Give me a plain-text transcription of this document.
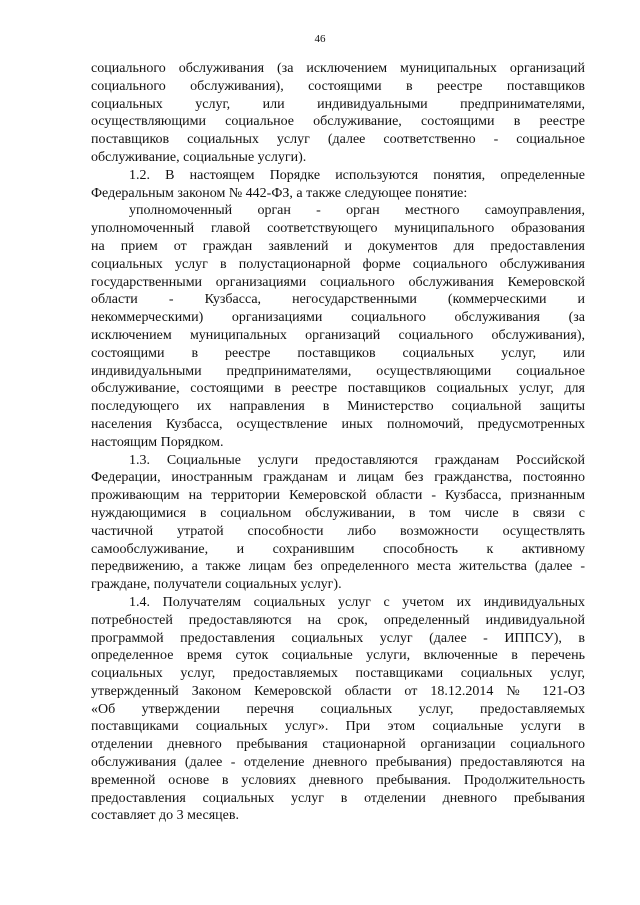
46
социального обслуживания (за исключением муниципальных организаций
социального обслуживания), состоящими в реестре поставщиков
социальных услуг, или индивидуальными предпринимателями,
осуществляющими социальное обслуживание, состоящими в реестре
поставщиков социальных услуг (далее соответственно - социальное
обслуживание, социальные услуги).
1.2. В настоящем Порядке используются понятия, определенные
Федеральным законом № 442-ФЗ, а также следующее понятие:
уполномоченный орган - орган местного самоуправления,
уполномоченный главой соответствующего муниципального образования
на прием от граждан заявлений и документов для предоставления
социальных услуг в полустационарной форме социального обслуживания
государственными организациями социального обслуживания Кемеровской
области - Кузбасса, негосударственными (коммерческими и
некоммерческими) организациями социального обслуживания (за
исключением муниципальных организаций социального обслуживания),
состоящими в реестре поставщиков социальных услуг, или
индивидуальными предпринимателями, осуществляющими социальное
обслуживание, состоящими в реестре поставщиков социальных услуг, для
последующего их направления в Министерство социальной защиты
населения Кузбасса, осуществление иных полномочий, предусмотренных
настоящим Порядком.
1.3. Социальные услуги предоставляются гражданам Российской
Федерации, иностранным гражданам и лицам без гражданства, постоянно
проживающим на территории Кемеровской области - Кузбасса, признанным
нуждающимися в социальном обслуживании, в том числе в связи с
частичной утратой способности либо возможности осуществлять
самообслуживание, и сохранившим способность к активному
передвижению, а также лицам без определенного места жительства (далее -
граждане, получатели социальных услуг).
1.4. Получателям социальных услуг с учетом их индивидуальных
потребностей предоставляются на срок, определенный индивидуальной
программой предоставления социальных услуг (далее - ИППСУ), в
определенное время суток социальные услуги, включенные в перечень
социальных услуг, предоставляемых поставщиками социальных услуг,
утвержденный Законом Кемеровской области от 18.12.2014 № 121-ОЗ
«Об утверждении перечня социальных услуг, предоставляемых
поставщиками социальных услуг». При этом социальные услуги в
отделении дневного пребывания стационарной организации социального
обслуживания (далее - отделение дневного пребывания) предоставляются на
временной основе в условиях дневного пребывания. Продолжительность
предоставления социальных услуг в отделении дневного пребывания
составляет до 3 месяцев.
